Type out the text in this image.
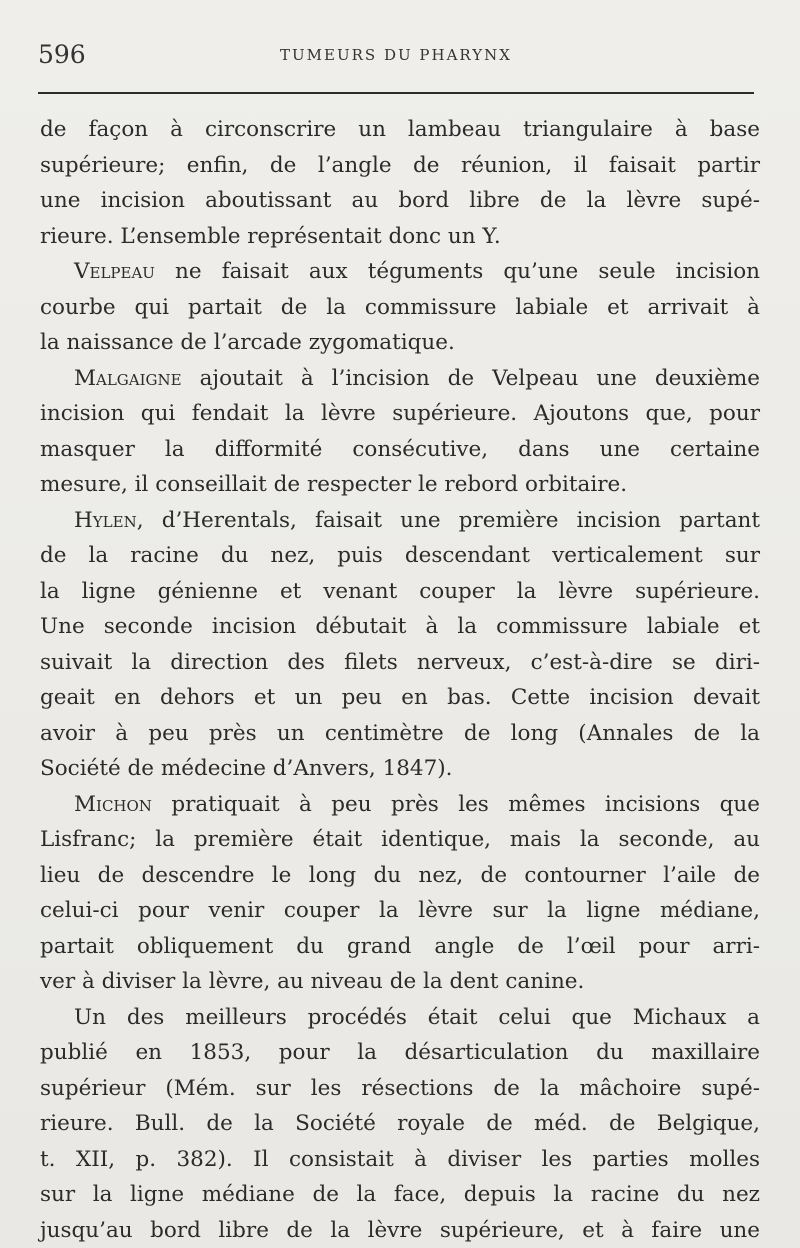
596	TUMEURS DU PHARYNX

de façon à circonscrire un lambeau triangulaire à base
supérieure; enfin, de l’angle de réunion, il faisait partir
une incision aboutissant au bord libre de la lèvre supé-
rieure. L’ensemble représentait donc un Y.

Velpeau ne faisait aux téguments qu’une seule incision
courbe qui partait de la commissure labiale et arrivait à
la naissance de l’arcade zygomatique.

Malgaigne ajoutait à l’incision de Velpeau une deuxième
incision qui fendait la lèvre supérieure. Ajoutons que, pour
masquer la difformité consécutive, dans une certaine
mesure, il conseillait de respecter le rebord orbitaire.

Hylen, d’Herentals, faisait une première incision partant
de la racine du nez, puis descendant verticalement sur
la ligne génienne et venant couper la lèvre supérieure.
Une seconde incision débutait à la commissure labiale et
suivait la direction des filets nerveux, c’est-à-dire se diri-
geait en dehors et un peu en bas. Cette incision devait
avoir à peu près un centimètre de long (Annales de la
Société de médecine d’Anvers, 1847).

Michon pratiquait à peu près les mêmes incisions que
Lisfranc; la première était identique, mais la seconde, au
lieu de descendre le long du nez, de contourner l’aile de
celui-ci pour venir couper la lèvre sur la ligne médiane,
partait obliquement du grand angle de l’œil pour arri-
ver à diviser la lèvre, au niveau de la dent canine.

Un des meilleurs procédés était celui que Michaux a
publié en 1853, pour la désarticulation du maxillaire
supérieur (Mém. sur les résections de la mâchoire supé-
rieure. Bull. de la Société royale de méd. de Belgique,
t. XII, p. 382). Il consistait à diviser les parties molles
sur la ligne médiane de la face, depuis la racine du nez
jusqu’au bord libre de la lèvre supérieure, et à faire une
